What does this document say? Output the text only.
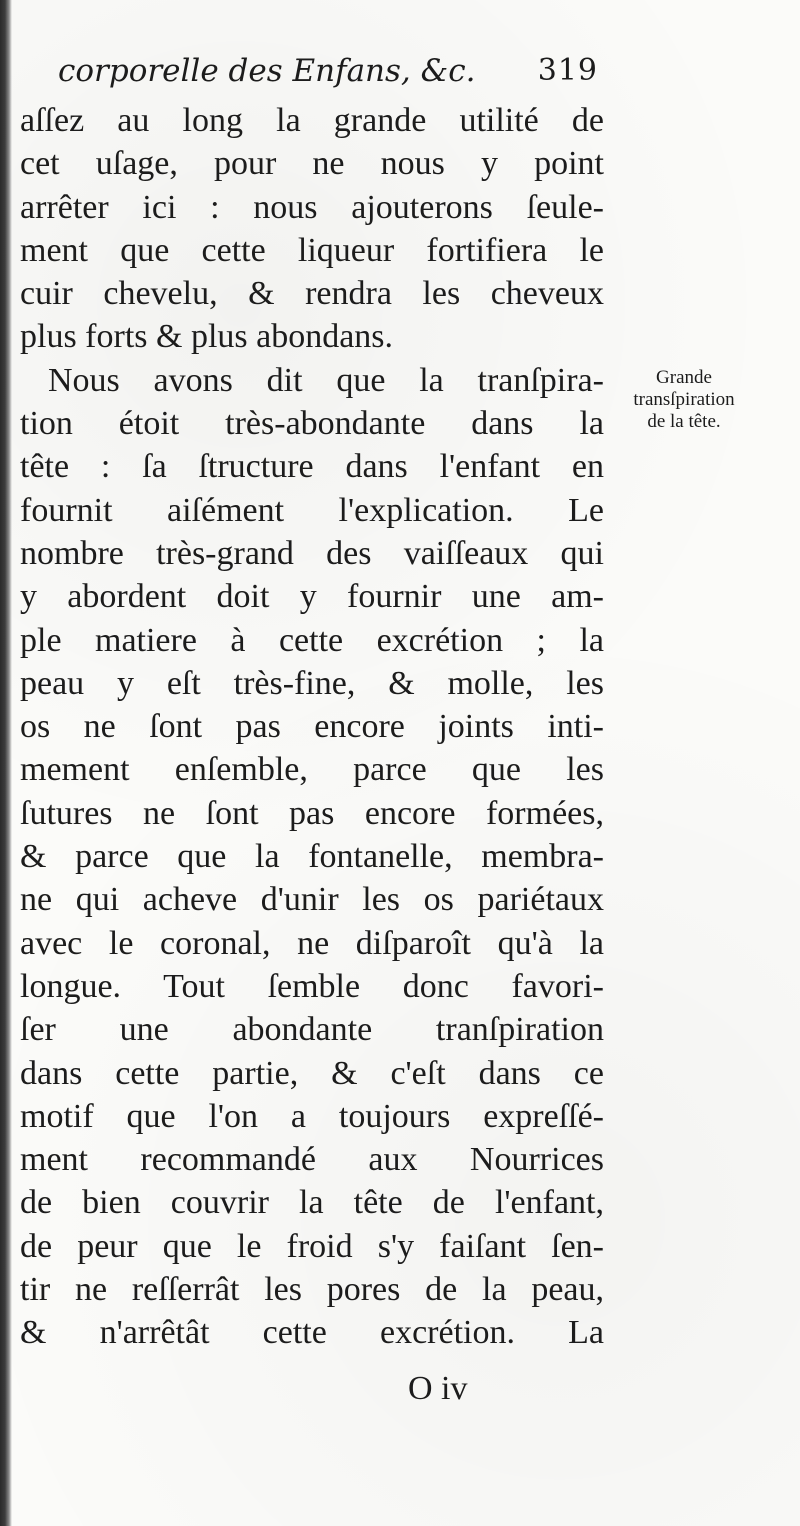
corporelle des Enfans, &c. 319
aſſez au long la grande utilité de
cet uſage, pour ne nous y point
arrêter ici : nous ajouterons ſeule-
ment que cette liqueur fortifiera le
cuir chevelu, & rendra les cheveux
plus forts & plus abondans.
Nous avons dit que la tranſpira-
tion étoit très-abondante dans la
tête : ſa ſtructure dans l'enfant en
fournit aiſément l'explication. Le
nombre très-grand des vaiſſeaux qui
y abordent doit y fournir une am-
ple matiere à cette excrétion ; la
peau y eſt très-fine, & molle, les
os ne ſont pas encore joints inti-
mement enſemble, parce que les
ſutures ne ſont pas encore formées,
& parce que la fontanelle, membra-
ne qui acheve d'unir les os pariétaux
avec le coronal, ne diſparoît qu'à la
longue. Tout ſemble donc favori-
ſer une abondante tranſpiration
dans cette partie, & c'eſt dans ce
motif que l'on a toujours expreſſé-
ment recommandé aux Nourrices
de bien couvrir la tête de l'enfant,
de peur que le froid s'y faiſant ſen-
tir ne reſſerrât les pores de la peau,
& n'arrêtât cette excrétion. La
Grande
transſpiration
de la tête.
O iv
